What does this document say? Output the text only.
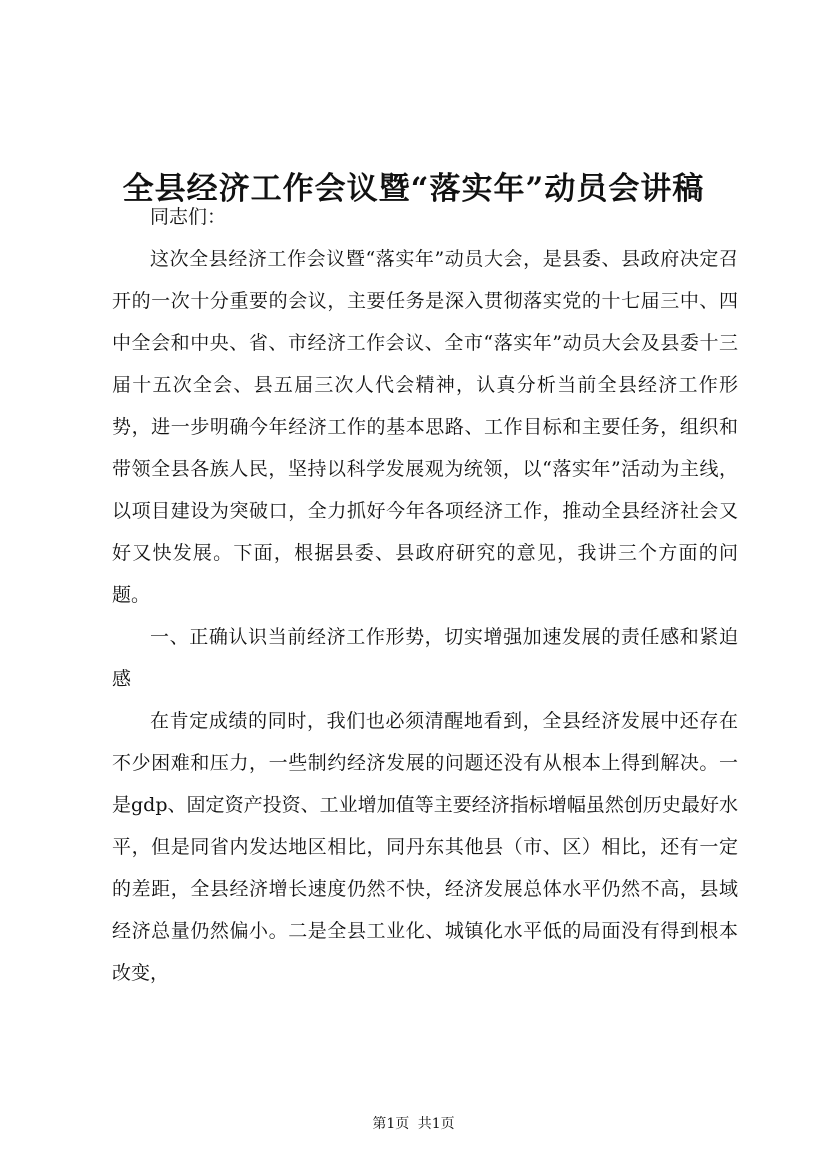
全县经济工作会议暨“落实年”动员会讲稿

同志们：

这次全县经济工作会议暨“落实年”动员大会，是县委、县政府决定召开的一次十分重要的会议，主要任务是深入贯彻落实党的十七届三中、四中全会和中央、省、市经济工作会议、全市“落实年”动员大会及县委十三届十五次全会、县五届三次人代会精神，认真分析当前全县经济工作形势，进一步明确今年经济工作的基本思路、工作目标和主要任务，组织和带领全县各族人民，坚持以科学发展观为统领，以“落实年”活动为主线，以项目建设为突破口，全力抓好今年各项经济工作，推动全县经济社会又好又快发展。下面，根据县委、县政府研究的意见，我讲三个方面的问题。

一、正确认识当前经济工作形势，切实增强加速发展的责任感和紧迫感

在肯定成绩的同时，我们也必须清醒地看到，全县经济发展中还存在不少困难和压力，一些制约经济发展的问题还没有从根本上得到解决。一是gdp、固定资产投资、工业增加值等主要经济指标增幅虽然创历史最好水平，但是同省内发达地区相比，同丹东其他县（市、区）相比，还有一定的差距，全县经济增长速度仍然不快，经济发展总体水平仍然不高，县域经济总量仍然偏小。二是全县工业化、城镇化水平低的局面没有得到根本改变，

第1页 共1页
